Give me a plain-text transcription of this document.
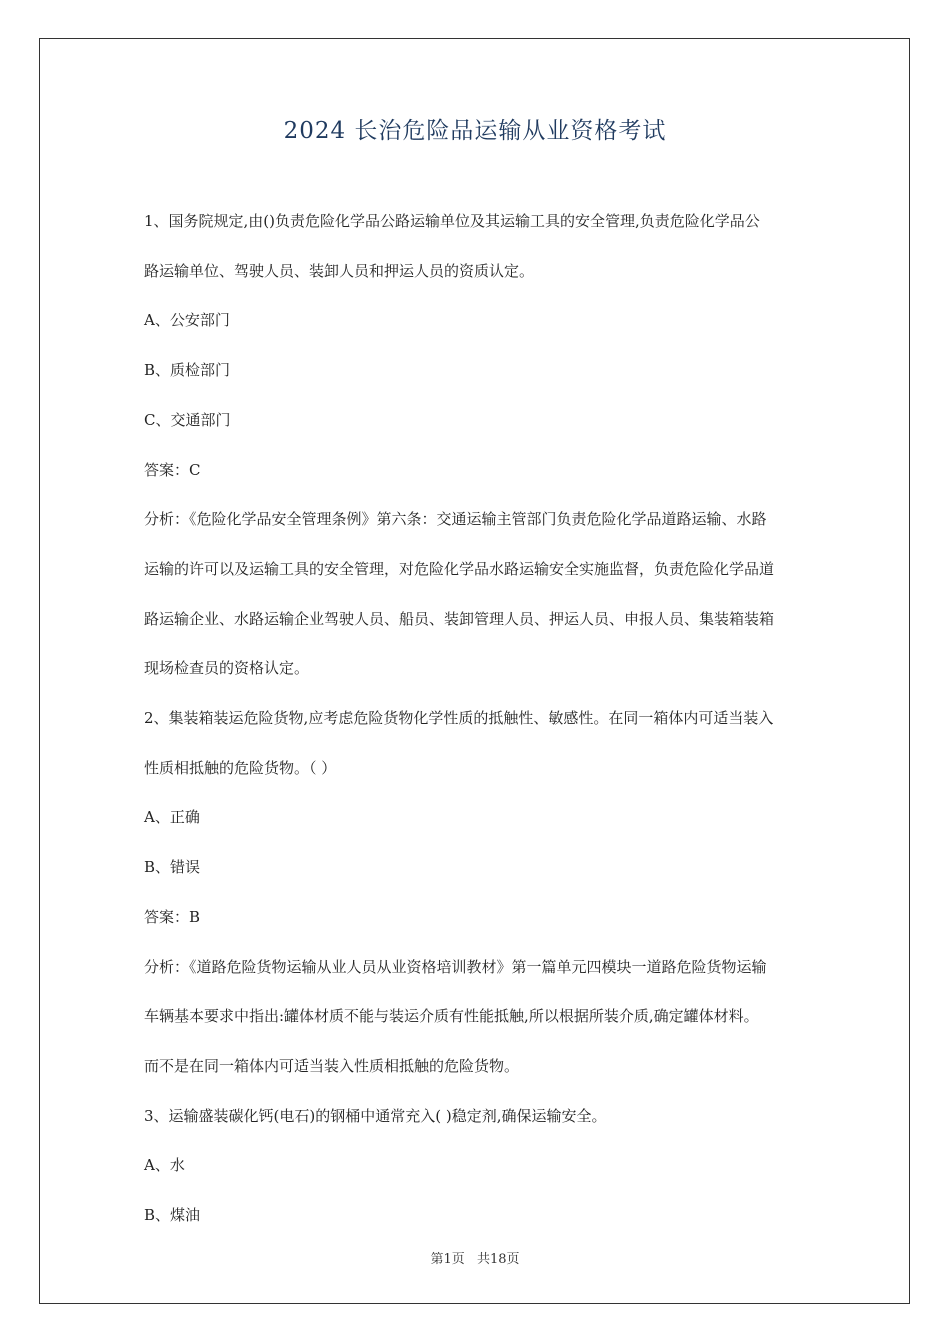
2024 长治危险品运输从业资格考试

1、国务院规定,由()负责危险化学品公路运输单位及其运输工具的安全管理,负责危险化学品公

路运输单位、驾驶人员、装卸人员和押运人员的资质认定。

A、公安部门

B、质检部门

C、交通部门

答案：C

分析：《危险化学品安全管理条例》第六条：交通运输主管部门负责危险化学品道路运输、水路

运输的许可以及运输工具的安全管理，对危险化学品水路运输安全实施监督，负责危险化学品道

路运输企业、水路运输企业驾驶人员、船员、装卸管理人员、押运人员、申报人员、集装箱装箱

现场检查员的资格认定。

2、集装箱装运危险货物,应考虑危险货物化学性质的抵触性、敏感性。在同一箱体内可适当装入

性质相抵触的危险货物。（ ）

A、正确

B、错误

答案：B

分析：《道路危险货物运输从业人员从业资格培训教材》第一篇单元四模块一道路危险货物运输

车辆基本要求中指出:罐体材质不能与装运介质有性能抵触,所以根据所装介质,确定罐体材料。

而不是在同一箱体内可适当装入性质相抵触的危险货物。

3、运输盛装碳化钙(电石)的钢桶中通常充入( )稳定剂,确保运输安全。

A、水

B、煤油

第1页 共18页
